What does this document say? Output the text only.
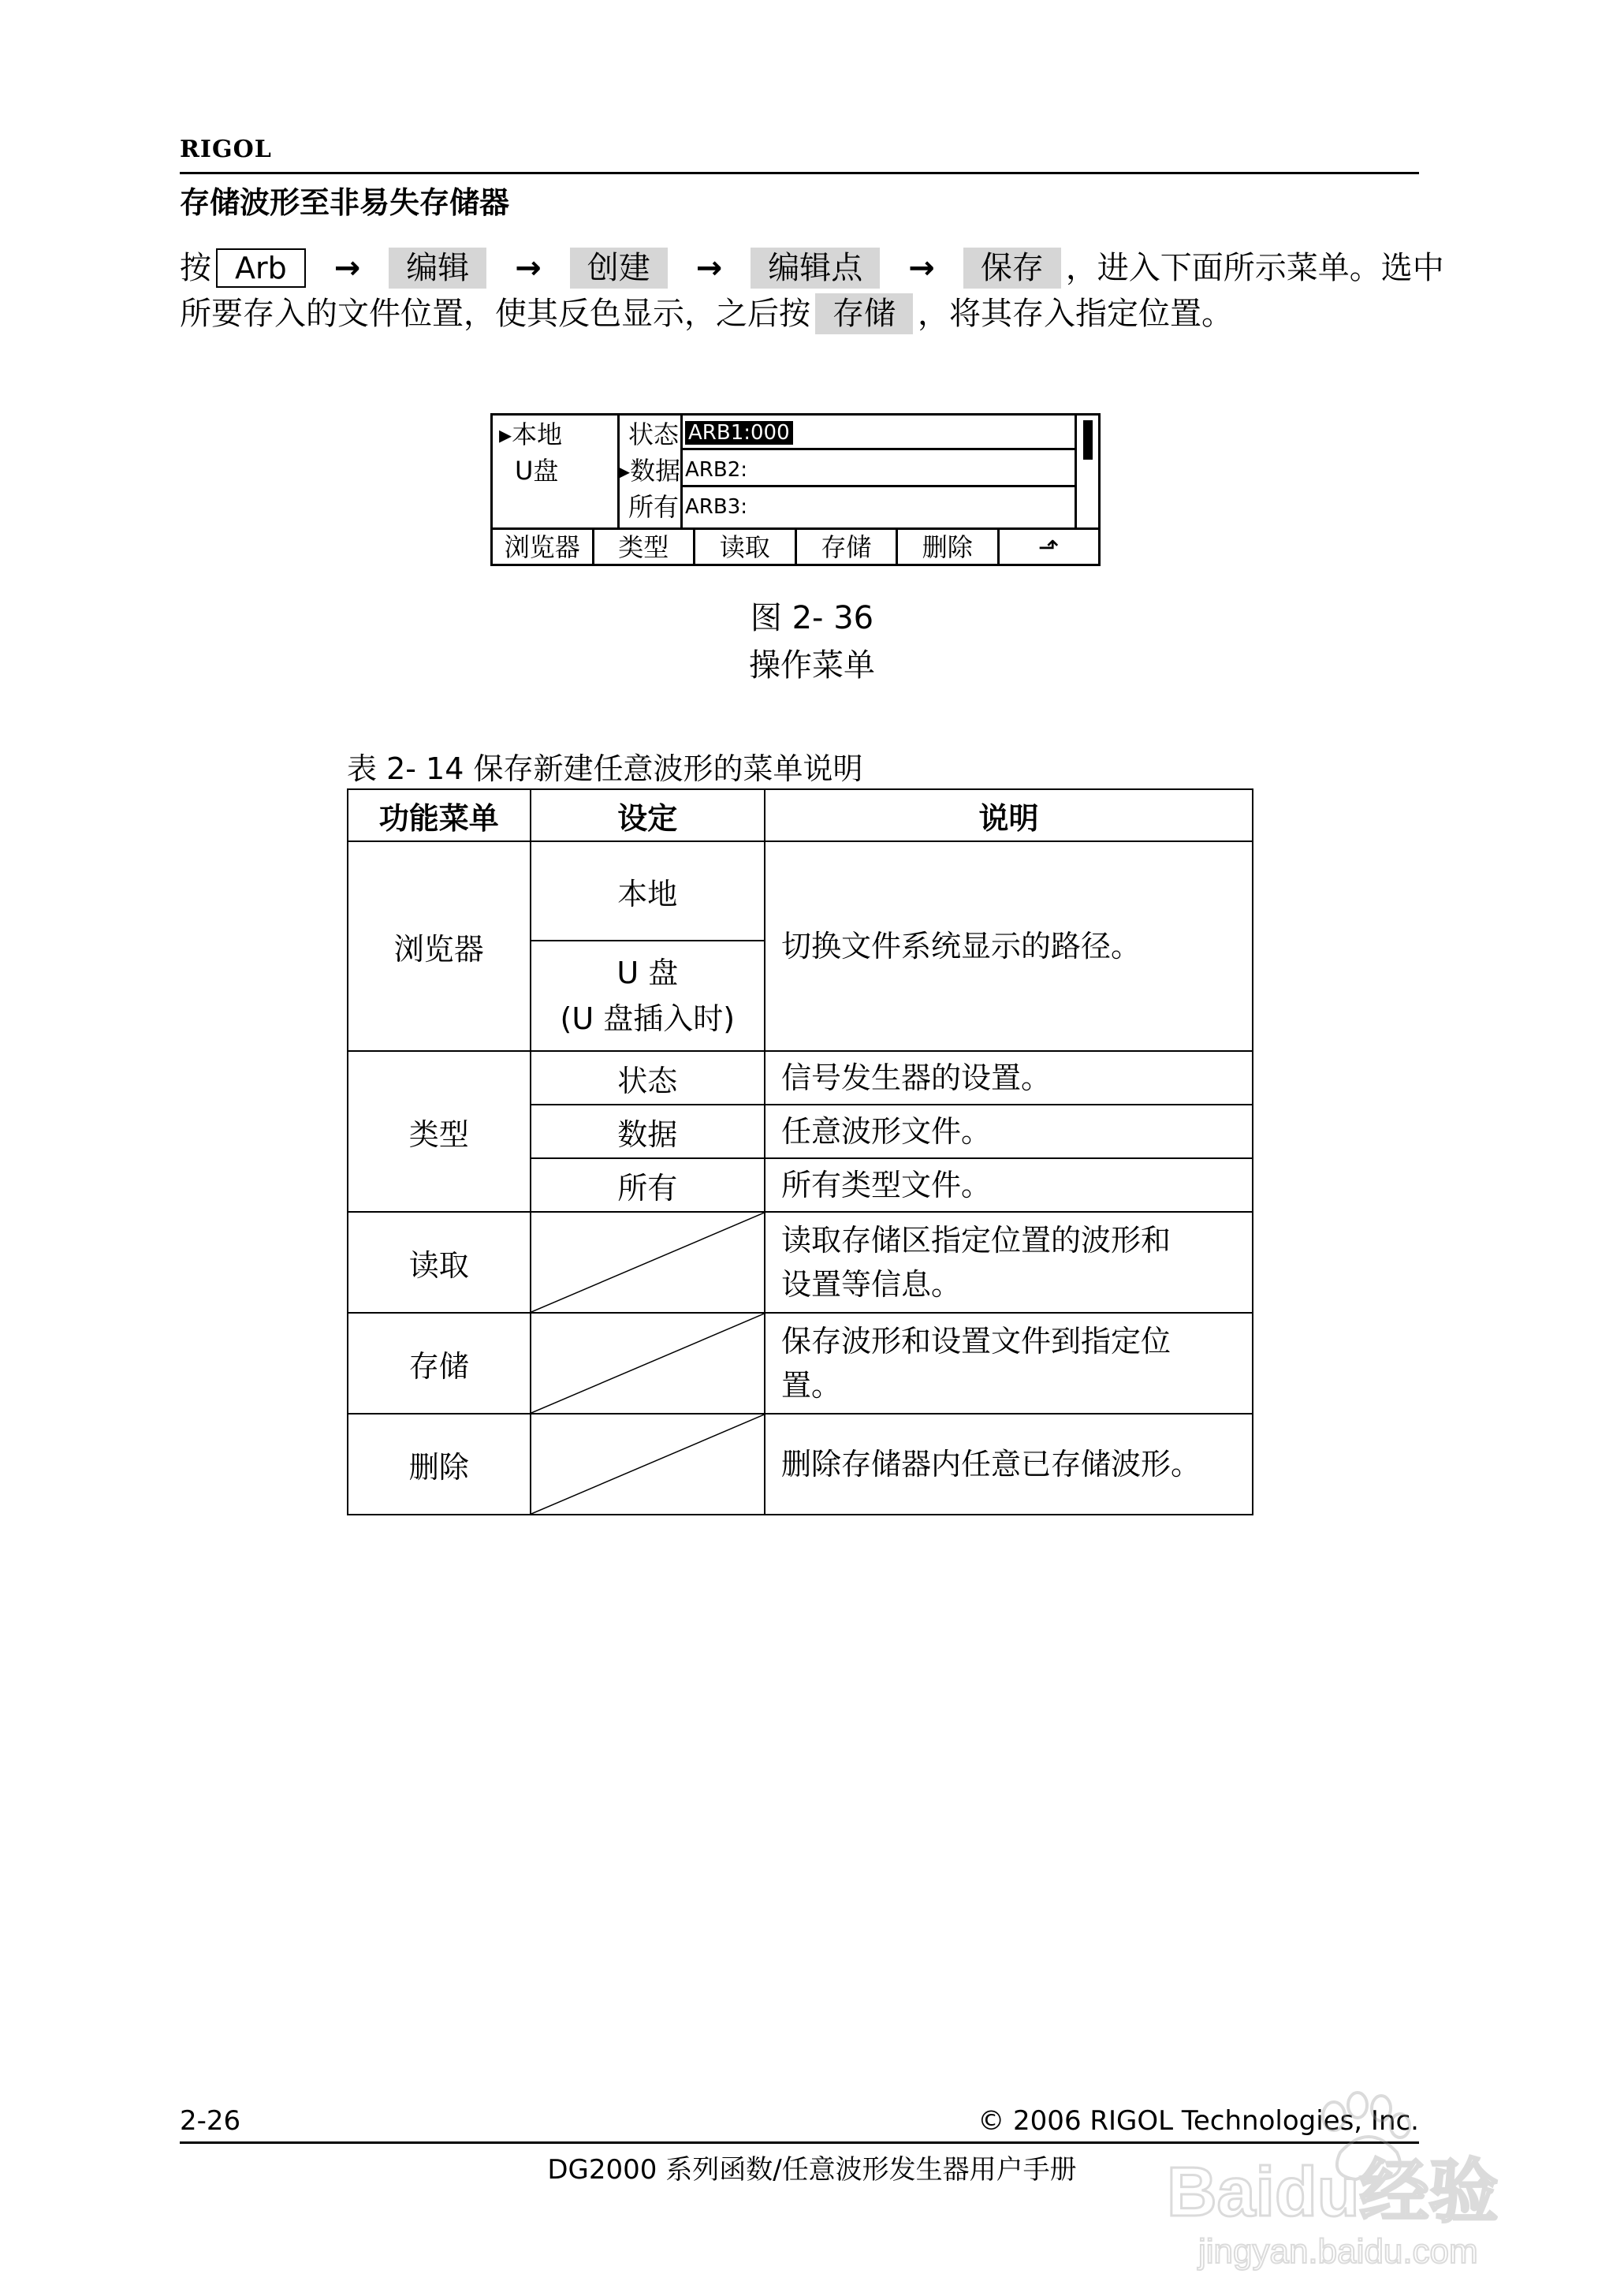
RIGOL
存储波形至非易失存储器
按 Arb → 编辑 → 创建 → 编辑点 → 保存 ，进入下面所示菜单。选中
所要存入的文件位置，使其反色显示，之后按 存储 ，将其存入指定位置。
▸本地
U盘
状态
▸数据
所有
ARB1:000
ARB2:
ARB3:
浏览器	类型	读取	存储	删除	⬏
图 2- 36
操作菜单
表 2- 14 保存新建任意波形的菜单说明
功能菜单	设定	说明
浏览器	本地	切换文件系统显示的路径。

	U 盘
(U 盘插入时)	

类型	状态	信号发生器的设置。
	数据	任意波形文件。
	所有	所有类型文件。
读取		读取存储区指定位置的波形和
设置等信息。

存储		保存波形和设置文件到指定位
置。

删除		删除存储器内任意已存储波形。
2-26	© 2006 RIGOL Technologies, Inc.
DG2000 系列函数/任意波形发生器用户手册	Baidu经验
jingyan.baidu.com
